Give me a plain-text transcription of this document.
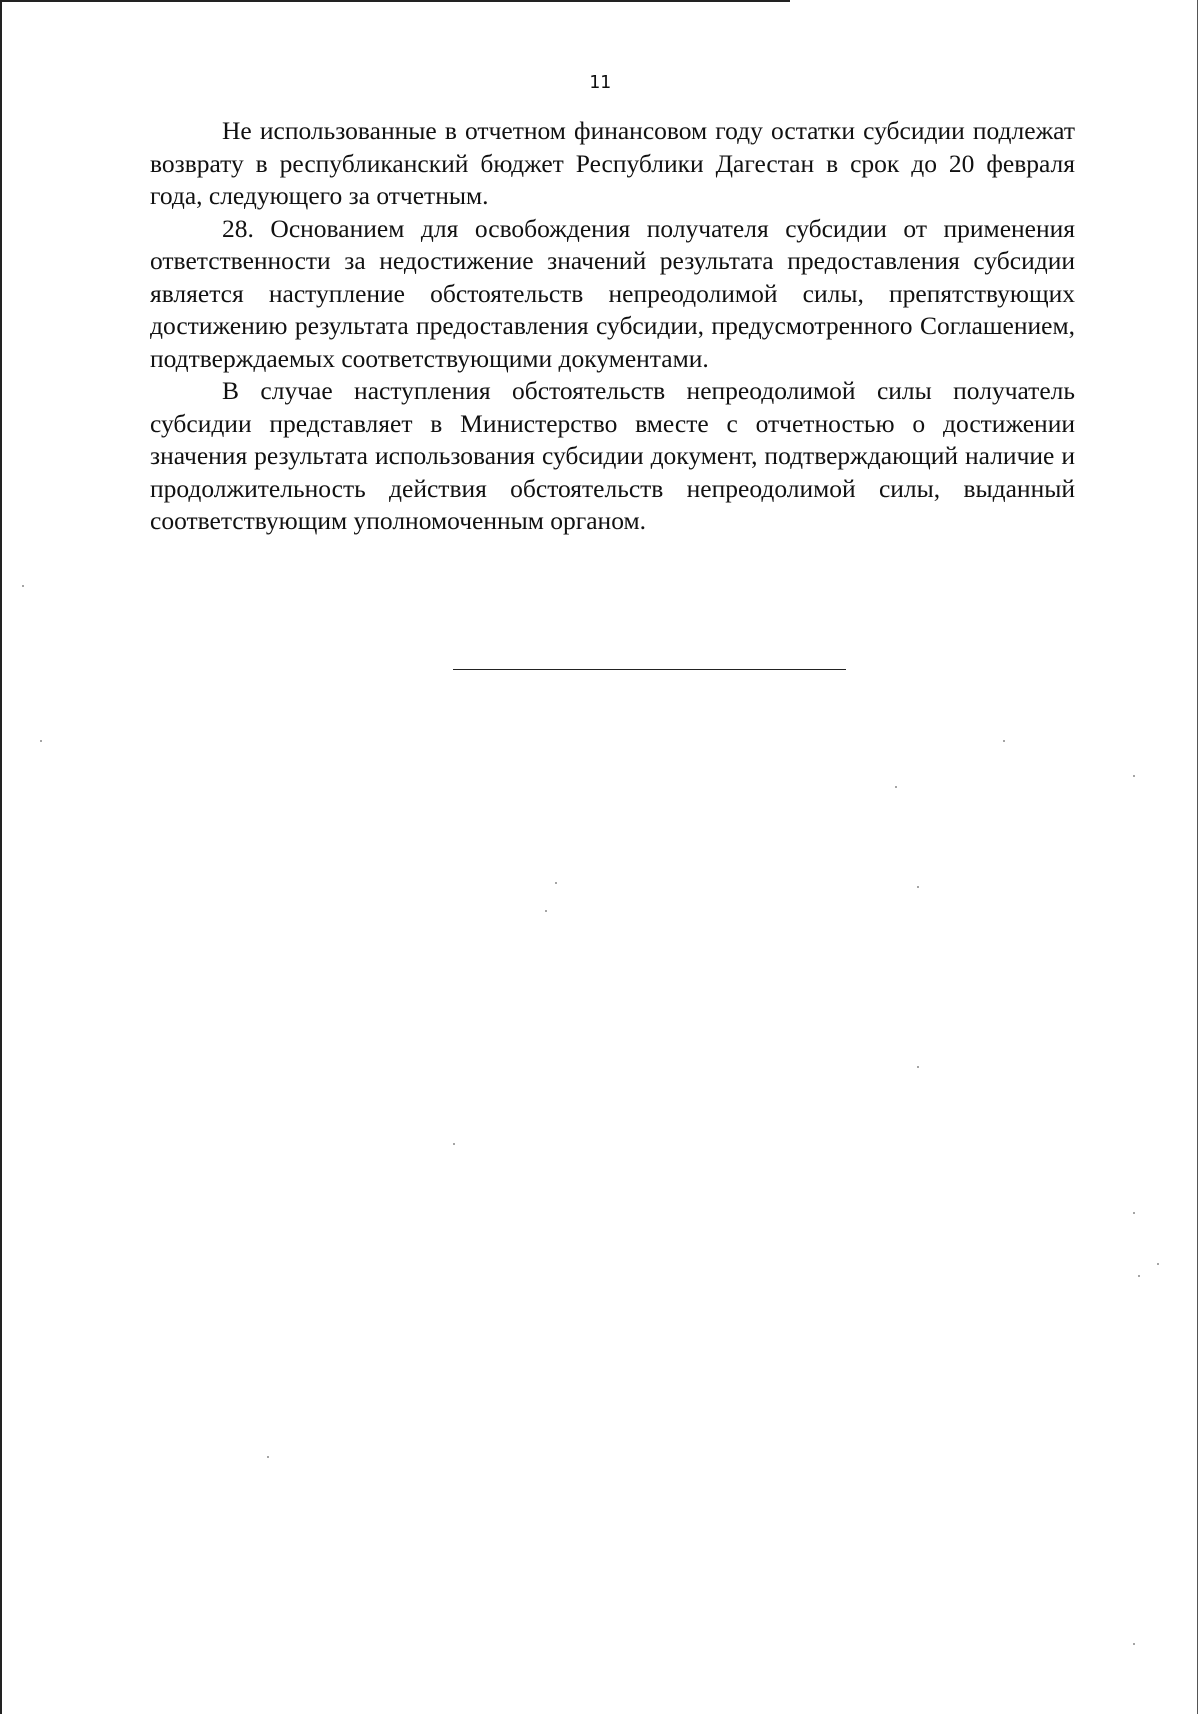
11

Не использованные в отчетном финансовом году остатки субсидии подлежат возврату в республиканский бюджет Республики Дагестан в срок до 20 февраля года, следующего за отчетным.

28. Основанием для освобождения получателя субсидии от применения ответственности за недостижение значений результата предоставления субсидии является наступление обстоятельств непреодолимой силы, препятствующих достижению результата предоставления субсидии, предусмотренного Соглашением, подтверждаемых соответствующими документами.

В случае наступления обстоятельств непреодолимой силы получатель субсидии представляет в Министерство вместе с отчетностью о достижении значения результата использования субсидии документ, подтверждающий наличие и продолжительность действия обстоятельств непреодолимой силы, выданный соответствующим уполномоченным органом.
